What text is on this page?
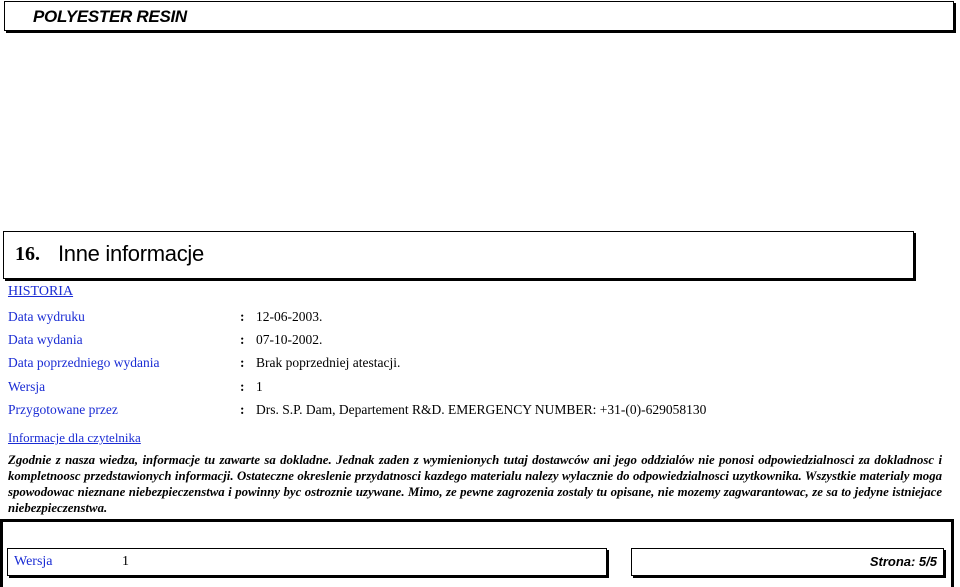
POLYESTER RESIN
16. Inne informacje
HISTORIA
Data wydruku	: 12-06-2003.
Data wydania	: 07-10-2002.
Data poprzedniego wydania	: Brak poprzedniej atestacji.
Wersja	: 1
Przygotowane przez	: Drs. S.P. Dam, Departement R&D. EMERGENCY NUMBER: +31-(0)-629058130
Informacje dla czytelnika
Zgodnie z nasza wiedza, informacje tu zawarte sa dokladne. Jednak zaden z wymienionych tutaj dostawców ani jego oddzialów nie ponosi odpowiedzialnosci za dokladnosc i kompletnoosc przedstawionych informacji. Ostateczne okreslenie przydatnosci kazdego materialu nalezy wylacznie do odpowiedzialnosci uzytkownika. Wszystkie materialy moga spowodowac nieznane niebezpieczenstwa i powinny byc ostroznie uzywane. Mimo, ze pewne zagrozenia zostaly tu opisane, nie mozemy zagwarantowac, ze sa to jedyne istniejace niebezpieczenstwa.
Wersja	1	Strona: 5/5
